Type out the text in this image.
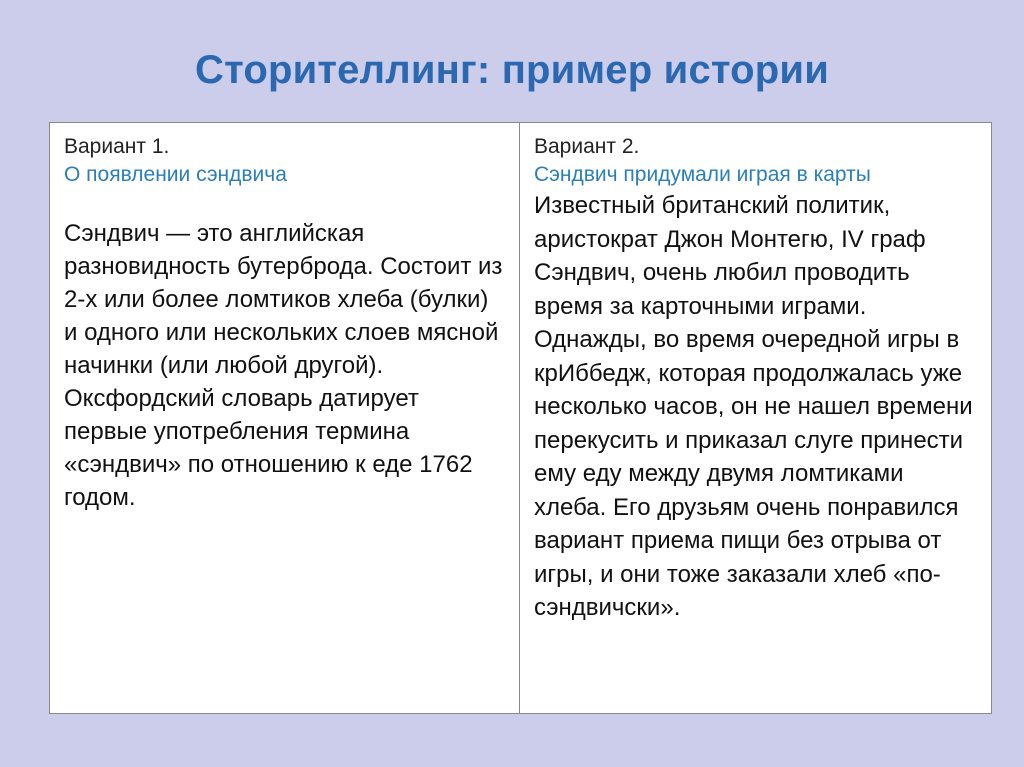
Сторителлинг: пример истории
Вариант 1.
О появлении сэндвича
Сэндвич — это английская разновидность бутерброда. Состоит из 2-х или более ломтиков хлеба (булки) и одного или нескольких слоев мясной начинки (или любой другой). Оксфордский словарь датирует первые употребления термина «сэндвич» по отношению к еде 1762 годом.
Вариант 2.
Сэндвич придумали играя в карты
Известный британский политик, аристократ Джон Монтегю, IV граф Сэндвич, очень любил проводить время за карточными играми. Однажды, во время очередной игры в крИббедж, которая продолжалась уже несколько часов, он не нашел времени перекусить и приказал слуге принести ему еду между двумя ломтиками хлеба. Его друзьям очень понравился вариант приема пищи без отрыва от игры, и они тоже заказали хлеб «по-сэндвичски».
